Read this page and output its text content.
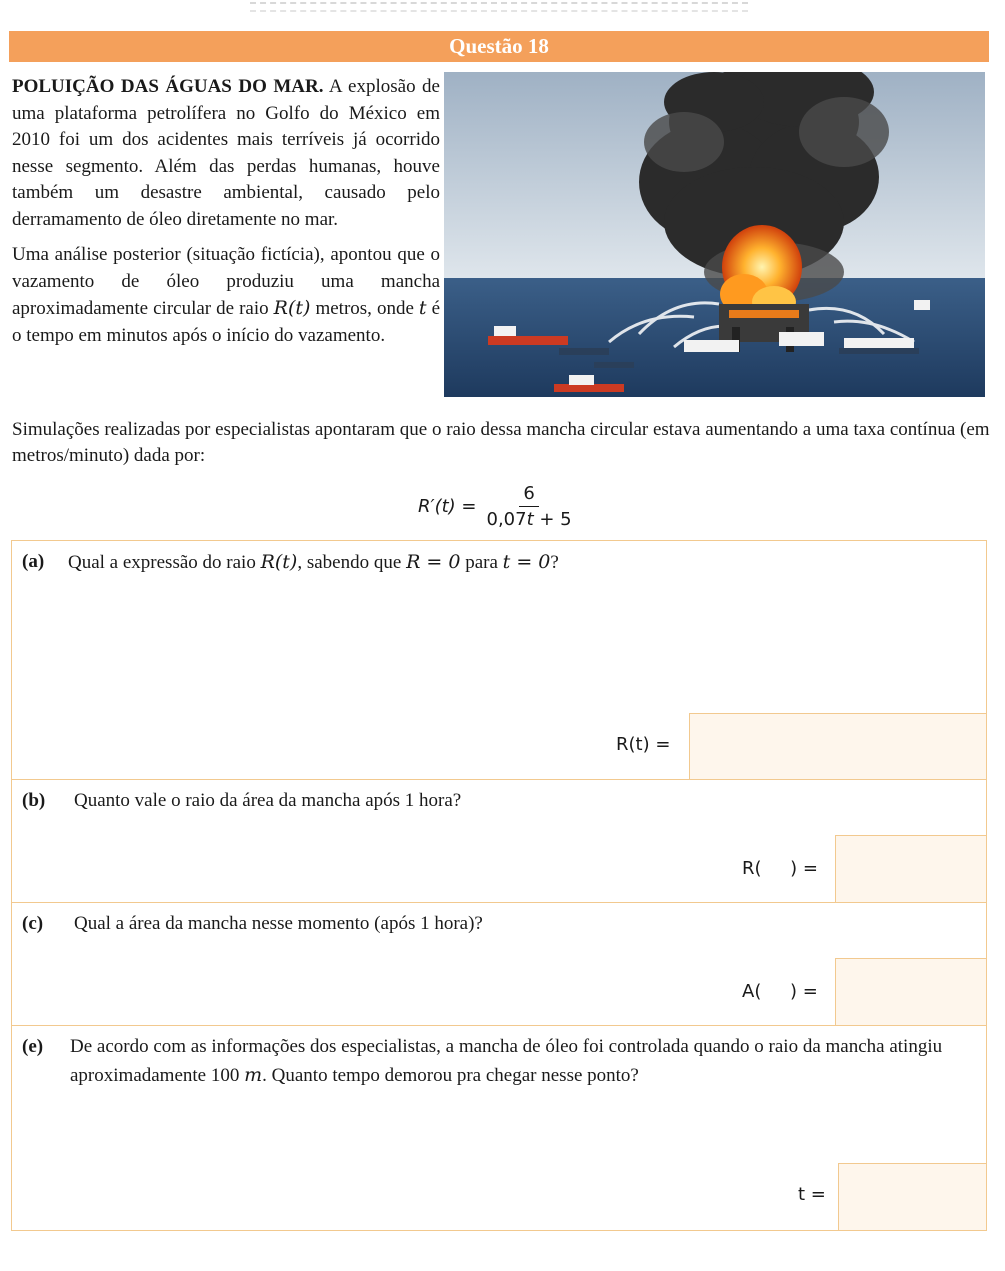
Questão 18

POLUIÇÃO DAS ÁGUAS DO MAR. A explosão de uma plataforma petrolífera no Golfo do México em 2010 foi um dos acidentes mais terríveis já ocorrido nesse segmento. Além das perdas humanas, houve também um desastre ambiental, causado pelo derramamento de óleo diretamente no mar.

Uma análise posterior (situação fictícia), apontou que o vazamento de óleo produziu uma mancha aproximadamente circular de raio R(t) metros, onde t é o tempo em minutos após o início do vazamento.

Simulações realizadas por especialistas apontaram que o raio dessa mancha circular estava aumentando a uma taxa contínua (em metros/minuto) dada por:

$R'(t) = \frac{6}{0,07t + 5}$
(a) Qual a expressão do raio R(t), sabendo que R = 0 para t = 0?
R(t) =
(b) Quanto vale o raio da área da mancha após 1 hora?
R(     ) =
(c) Qual a área da mancha nesse momento (após 1 hora)?
A(     ) =
(e) De acordo com as informações dos especialistas, a mancha de óleo foi controlada quando o raio da mancha atingiu aproximadamente 100 m. Quanto tempo demorou pra chegar nesse ponto?
t =
